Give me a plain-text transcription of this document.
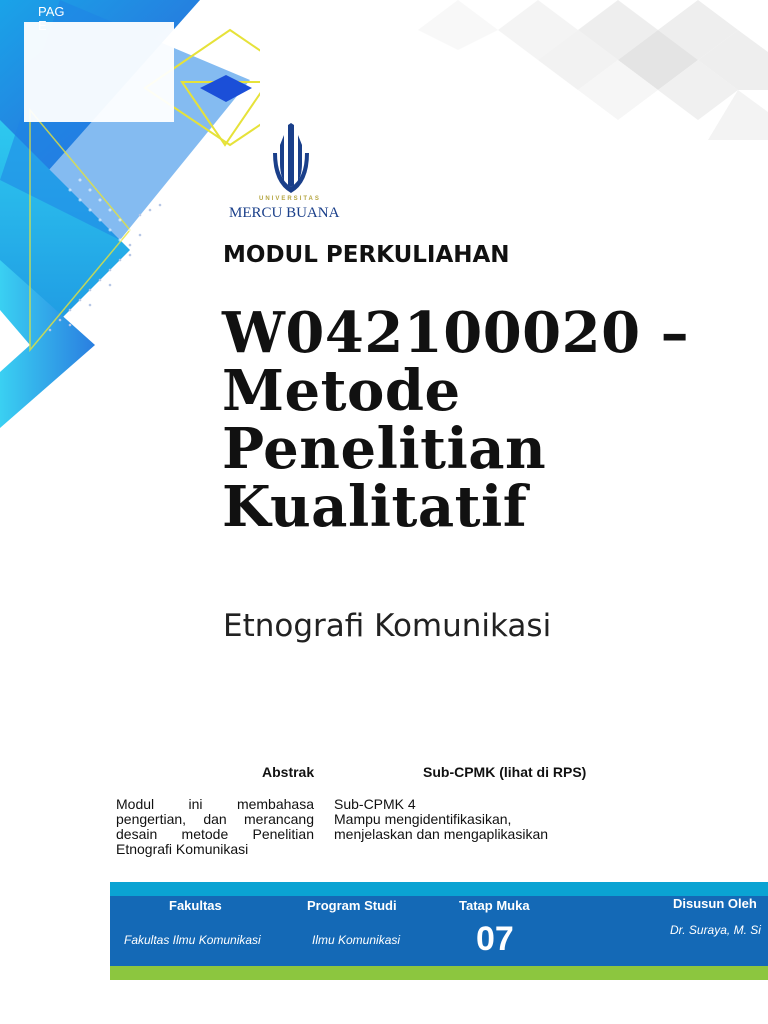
PAGE
UNIVERSITAS
MERCU BUANA
MODUL PERKULIAHAN
W042100020 – Metode Penelitian Kualitatif
Etnografi Komunikasi
Abstrak	Sub-CPMK (lihat di RPS)
Modul ini membahasa pengertian, dan merancang desain metode Penelitian Etnografi Komunikasi
Sub-CPMK 4
Mampu mengidentifikasikan, menjelaskan dan mengaplikasikan
Fakultas
Fakultas Ilmu Komunikasi
Program Studi
Ilmu Komunikasi
Tatap Muka
07
Disusun Oleh
Dr. Suraya, M. Si
